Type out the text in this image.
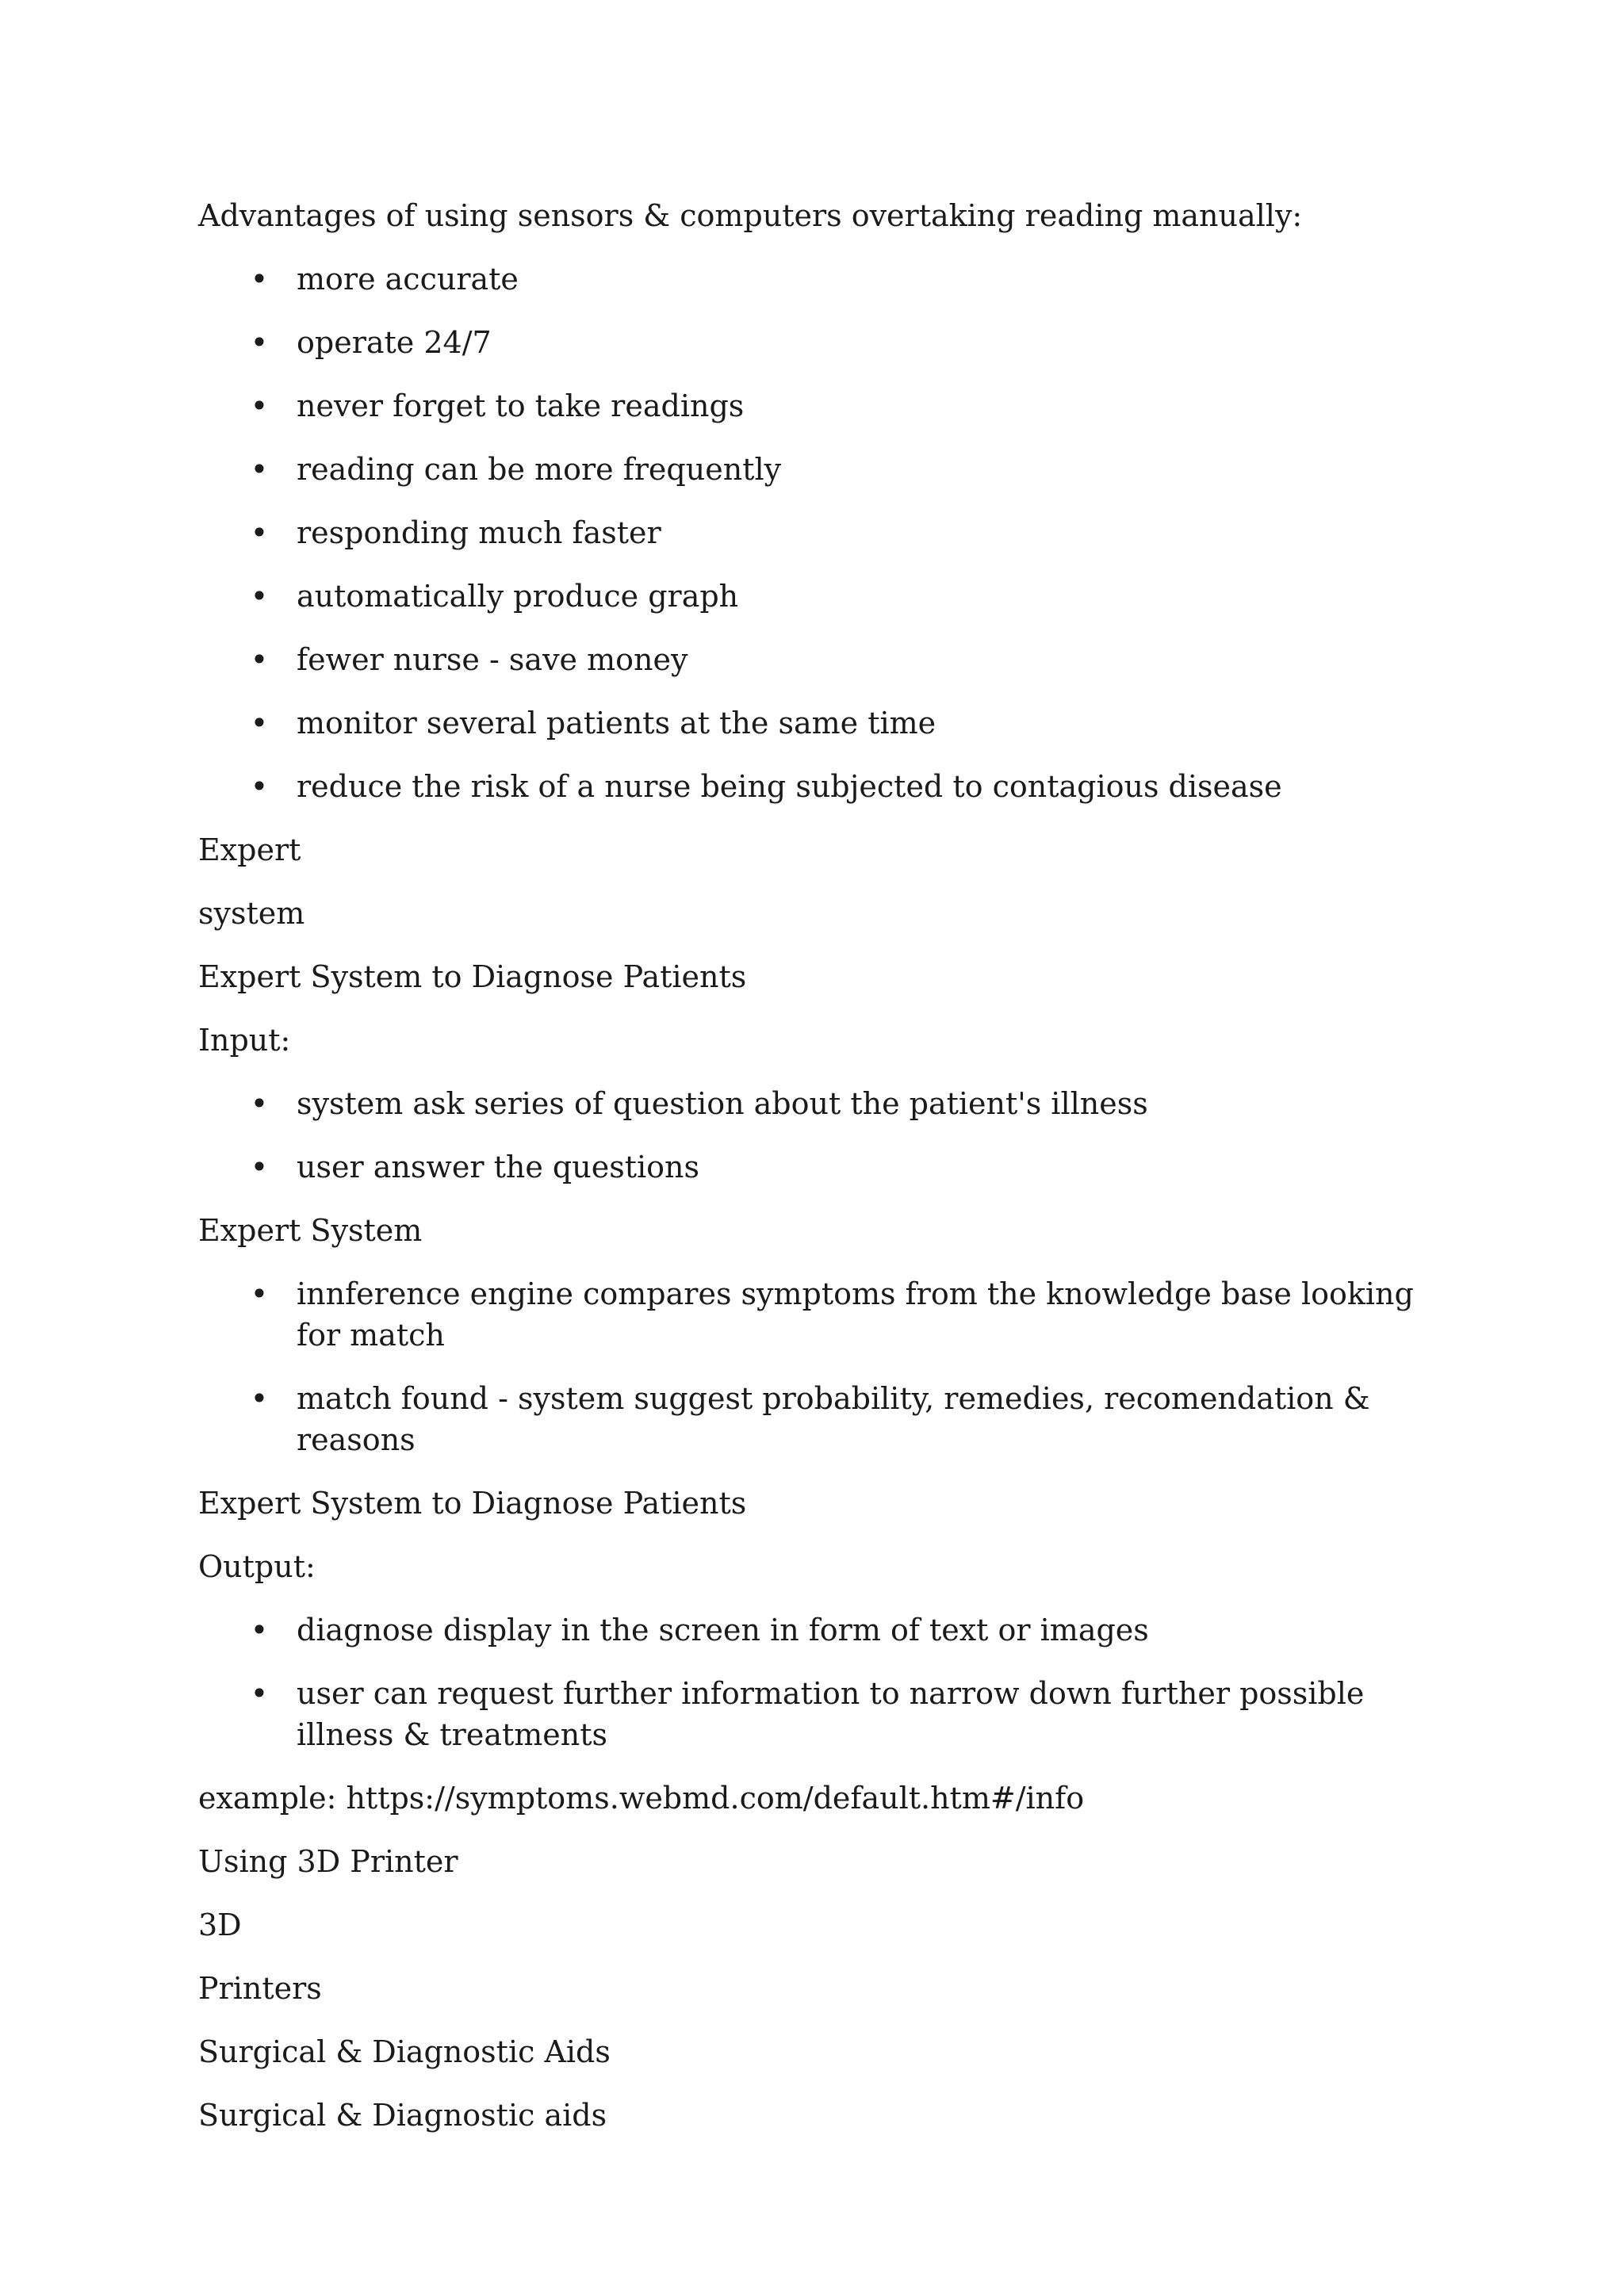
Advantages of using sensors & computers overtaking reading manually:
• more accurate
• operate 24/7
• never forget to take readings
• reading can be more frequently
• responding much faster
• automatically produce graph
• fewer nurse - save money
• monitor several patients at the same time
• reduce the risk of a nurse being subjected to contagious disease
Expert
system
Expert System to Diagnose Patients
Input:
• system ask series of question about the patient's illness
• user answer the questions
Expert System
• innference engine compares symptoms from the knowledge base looking for match
• match found - system suggest probability, remedies, recomendation & reasons
Expert System to Diagnose Patients
Output:
• diagnose display in the screen in form of text or images
• user can request further information to narrow down further possible illness & treatments
example: https://symptoms.webmd.com/default.htm#/info
Using 3D Printer
3D
Printers
Surgical & Diagnostic Aids
Surgical & Diagnostic aids
